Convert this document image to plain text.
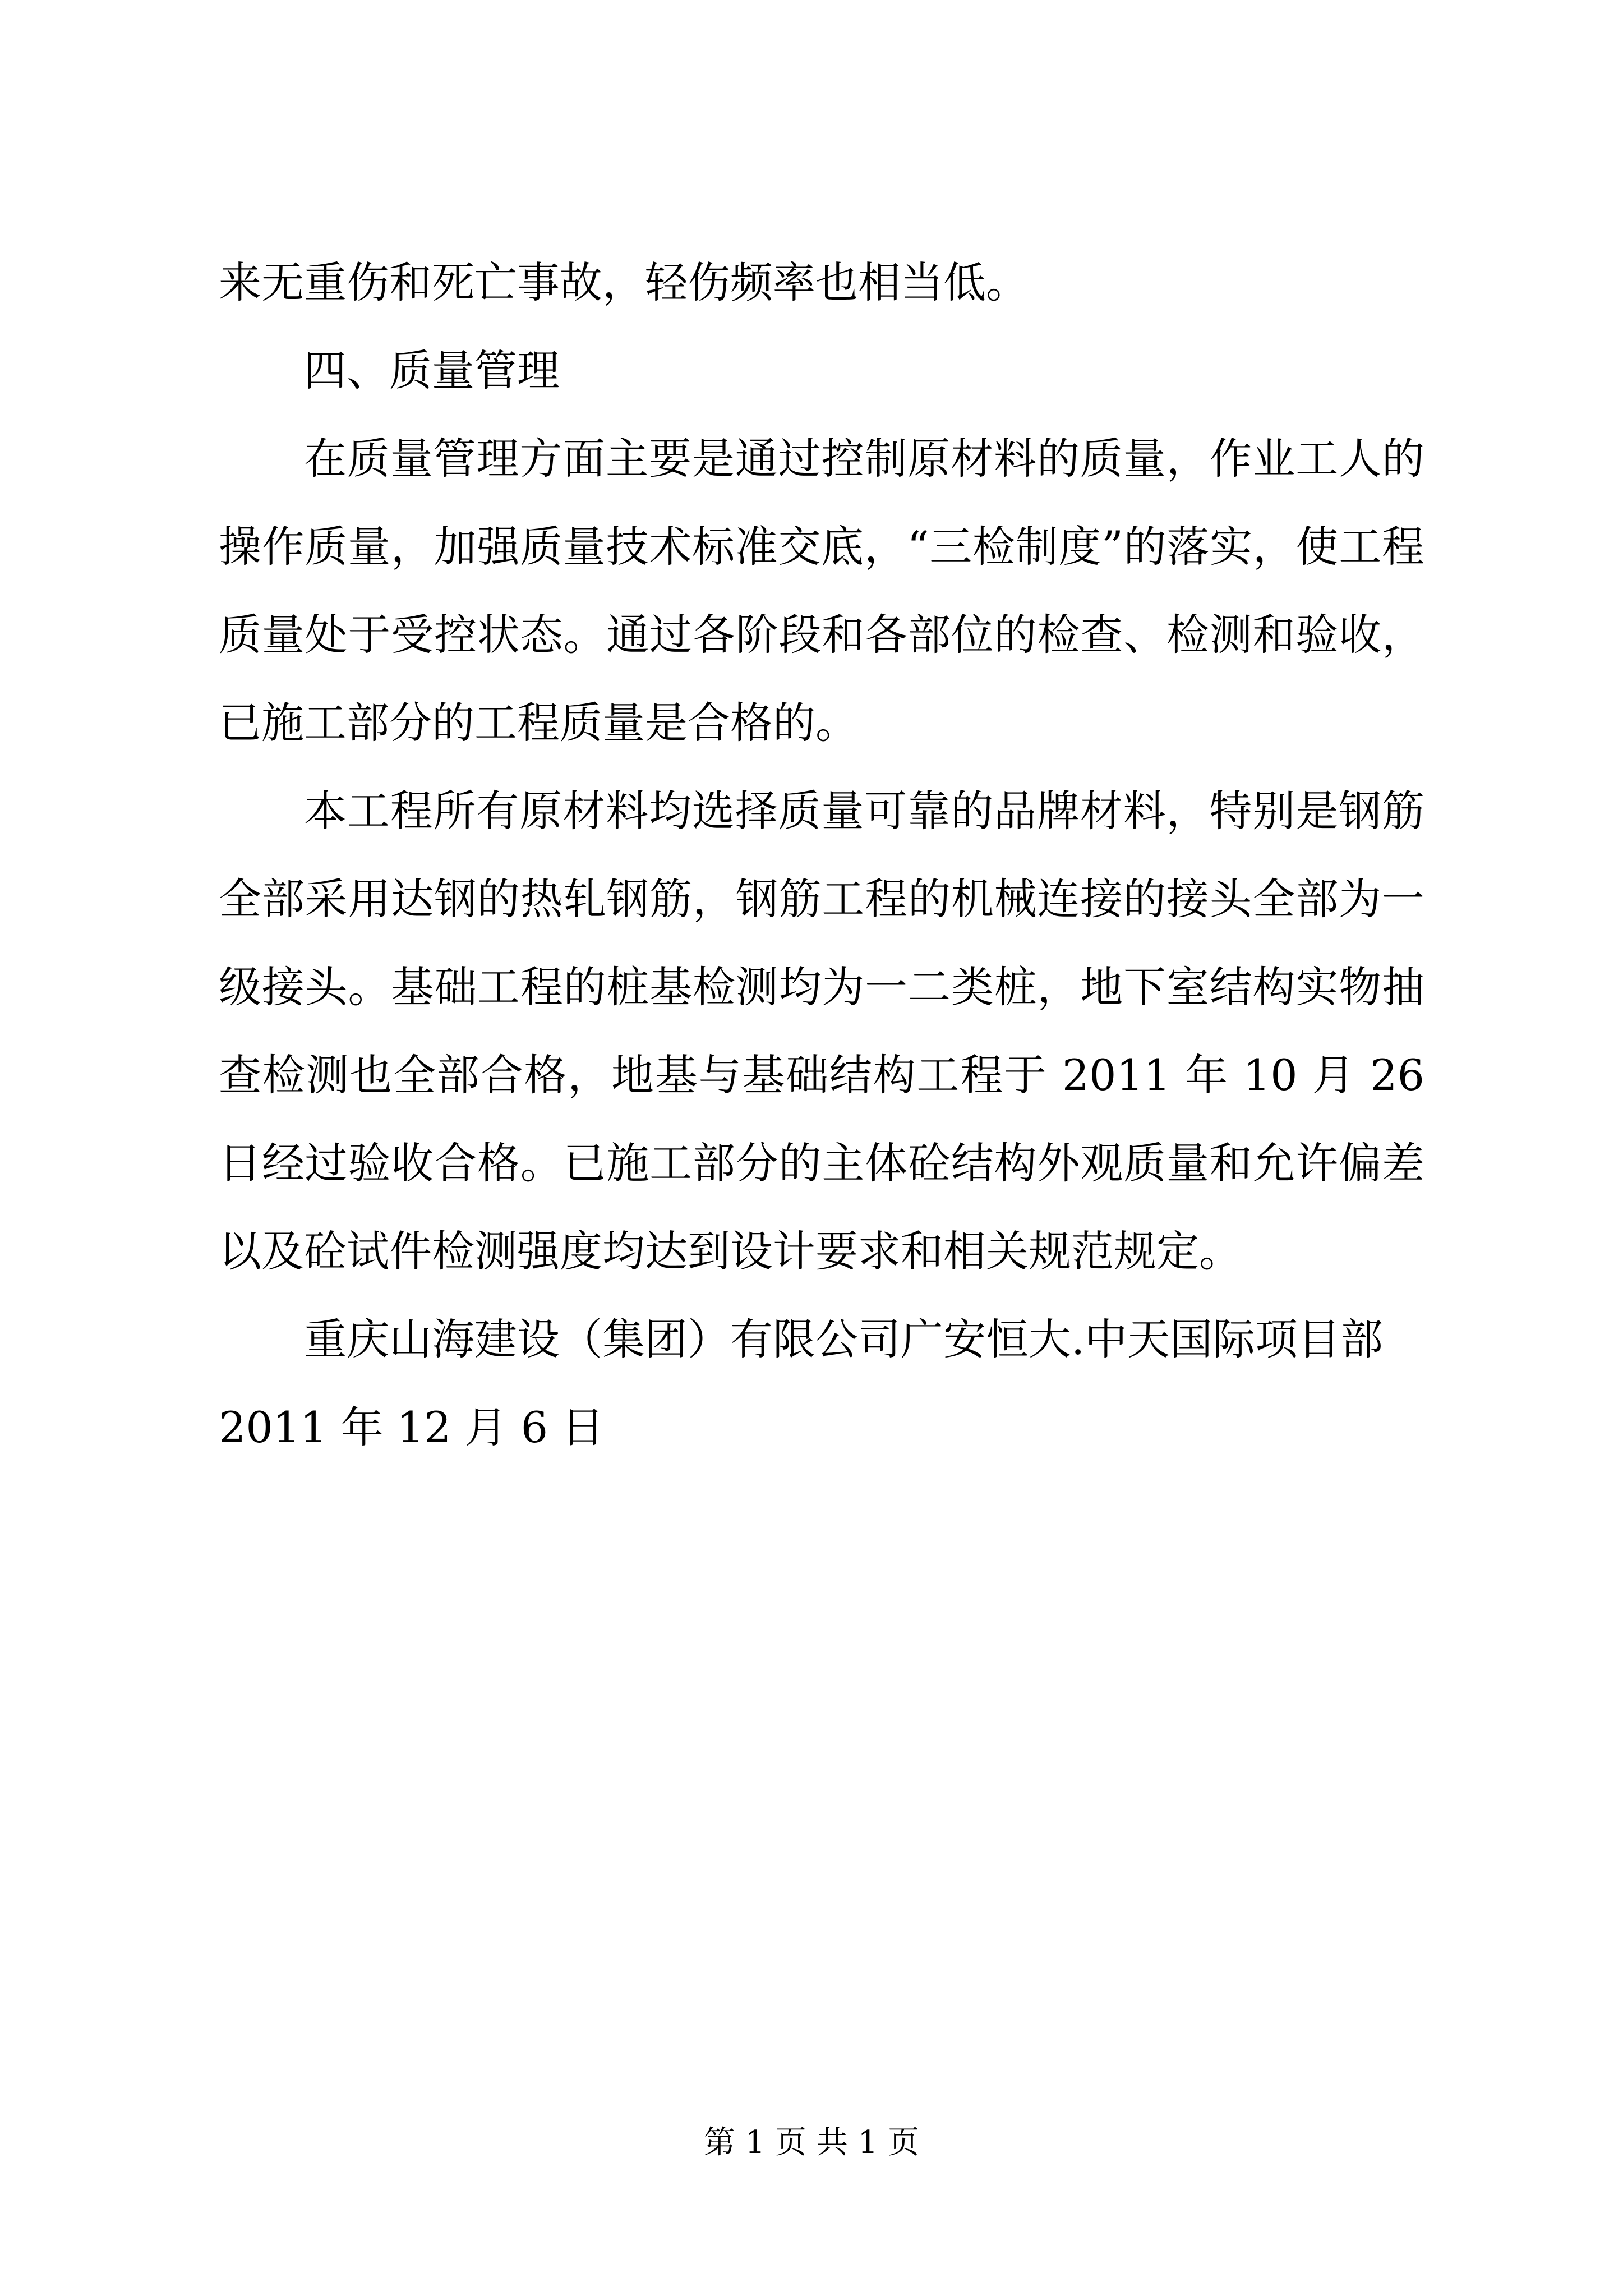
来无重伤和死亡事故，轻伤频率也相当低。

四、质量管理

在质量管理方面主要是通过控制原材料的质量，作业工人的操作质量，加强质量技术标准交底，“三检制度”的落实，使工程质量处于受控状态。通过各阶段和各部位的检查、检测和验收，已施工部分的工程质量是合格的。

本工程所有原材料均选择质量可靠的品牌材料，特别是钢筋全部采用达钢的热轧钢筋，钢筋工程的机械连接的接头全部为一级接头。基础工程的桩基检测均为一二类桩，地下室结构实物抽查检测也全部合格，地基与基础结构工程于 2011 年 10 月 26 日经过验收合格。已施工部分的主体砼结构外观质量和允许偏差以及砼试件检测强度均达到设计要求和相关规范规定。

重庆山海建设（集团）有限公司广安恒大.中天国际项目部

2011 年 12 月 6 日

第 1 页 共 1 页
